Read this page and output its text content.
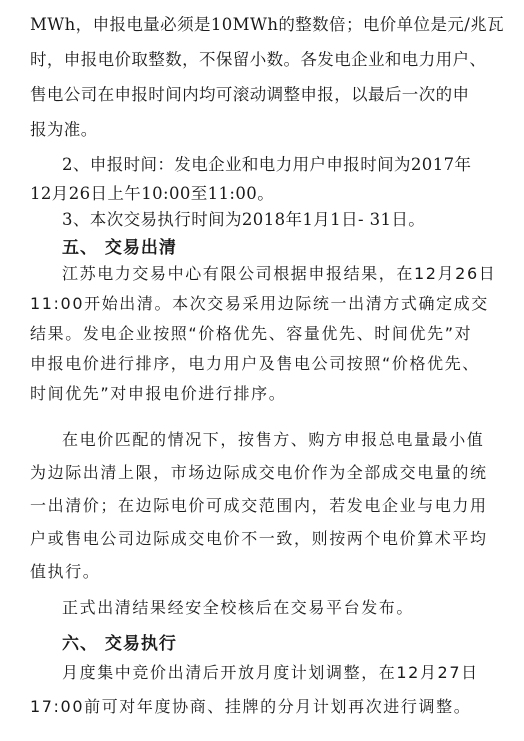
MWh，申报电量必须是10MWh的整数倍；电价单位是元/兆瓦
时，申报电价取整数，不保留小数。各发电企业和电力用户、
售电公司在申报时间内均可滚动调整申报，以最后一次的申
报为准。
2、申报时间：发电企业和电力用户申报时间为2017年
12月26日上午10:00至11:00。
3、本次交易执行时间为2018年1月1日- 31日。
五、 交易出清
江苏电力交易中心有限公司根据申报结果，在12月26日
11:00开始出清。本次交易采用边际统一出清方式确定成交
结果。发电企业按照“价格优先、容量优先、时间优先”对
申报电价进行排序，电力用户及售电公司按照“价格优先、
时间优先”对申报电价进行排序。
在电价匹配的情况下，按售方、购方申报总电量最小值
为边际出清上限，市场边际成交电价作为全部成交电量的统
一出清价；在边际电价可成交范围内，若发电企业与电力用
户或售电公司边际成交电价不一致，则按两个电价算术平均
值执行。
正式出清结果经安全校核后在交易平台发布。
六、 交易执行
月度集中竞价出清后开放月度计划调整，在12月27日
17:00前可对年度协商、挂牌的分月计划再次进行调整。
